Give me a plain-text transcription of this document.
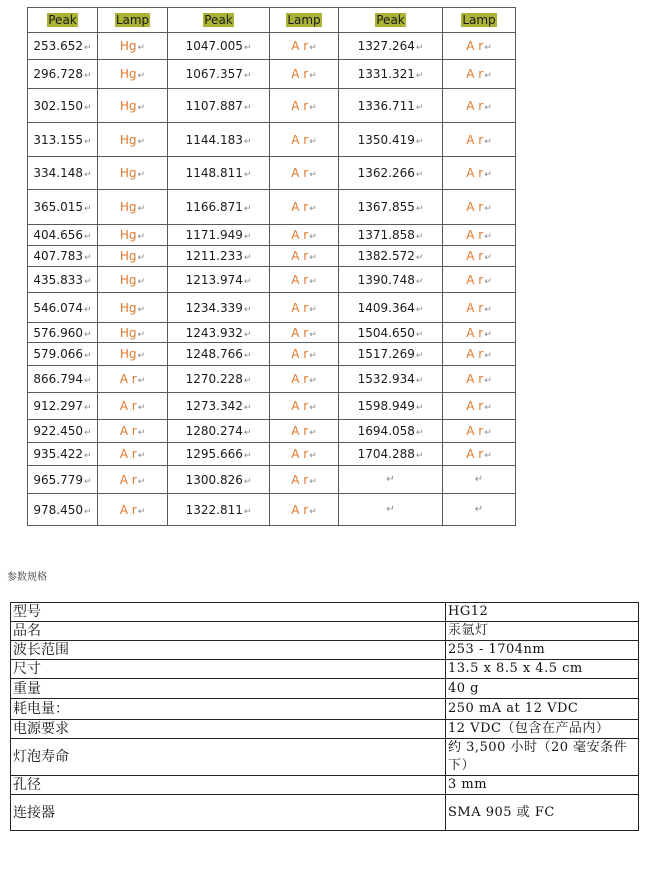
Peak	Lamp	Peak	Lamp	Peak	Lamp
253.652↵	Hg↵	1047.005↵	A r↵	1327.264↵	A r↵
296.728↵	Hg↵	1067.357↵	A r↵	1331.321↵	A r↵
302.150↵	Hg↵	1107.887↵	A r↵	1336.711↵	A r↵
313.155↵	Hg↵	1144.183↵	A r↵	1350.419↵	A r↵
334.148↵	Hg↵	1148.811↵	A r↵	1362.266↵	A r↵
365.015↵	Hg↵	1166.871↵	A r↵	1367.855↵	A r↵
404.656↵	Hg↵	1171.949↵	A r↵	1371.858↵	A r↵
407.783↵	Hg↵	1211.233↵	A r↵	1382.572↵	A r↵
435.833↵	Hg↵	1213.974↵	A r↵	1390.748↵	A r↵
546.074↵	Hg↵	1234.339↵	A r↵	1409.364↵	A r↵
576.960↵	Hg↵	1243.932↵	A r↵	1504.650↵	A r↵
579.066↵	Hg↵	1248.766↵	A r↵	1517.269↵	A r↵
866.794↵	A r↵	1270.228↵	A r↵	1532.934↵	A r↵
912.297↵	A r↵	1273.342↵	A r↵	1598.949↵	A r↵
922.450↵	A r↵	1280.274↵	A r↵	1694.058↵	A r↵
935.422↵	A r↵	1295.666↵	A r↵	1704.288↵	A r↵
965.779↵	A r↵	1300.826↵	A r↵	↵	↵
978.450↵	A r↵	1322.811↵	A r↵	↵	↵
参数规格
型号	HG12
品名	汞氩灯
波长范围	253 - 1704nm
尺寸	13.5 x 8.5 x 4.5 cm
重量	40 g
耗电量：	250 mA at 12 VDC
电源要求	12 VDC（包含在产品内）
灯泡寿命	约 3,500 小时（20 毫安条件下）
孔径	3 mm
连接器	SMA 905 或 FC
